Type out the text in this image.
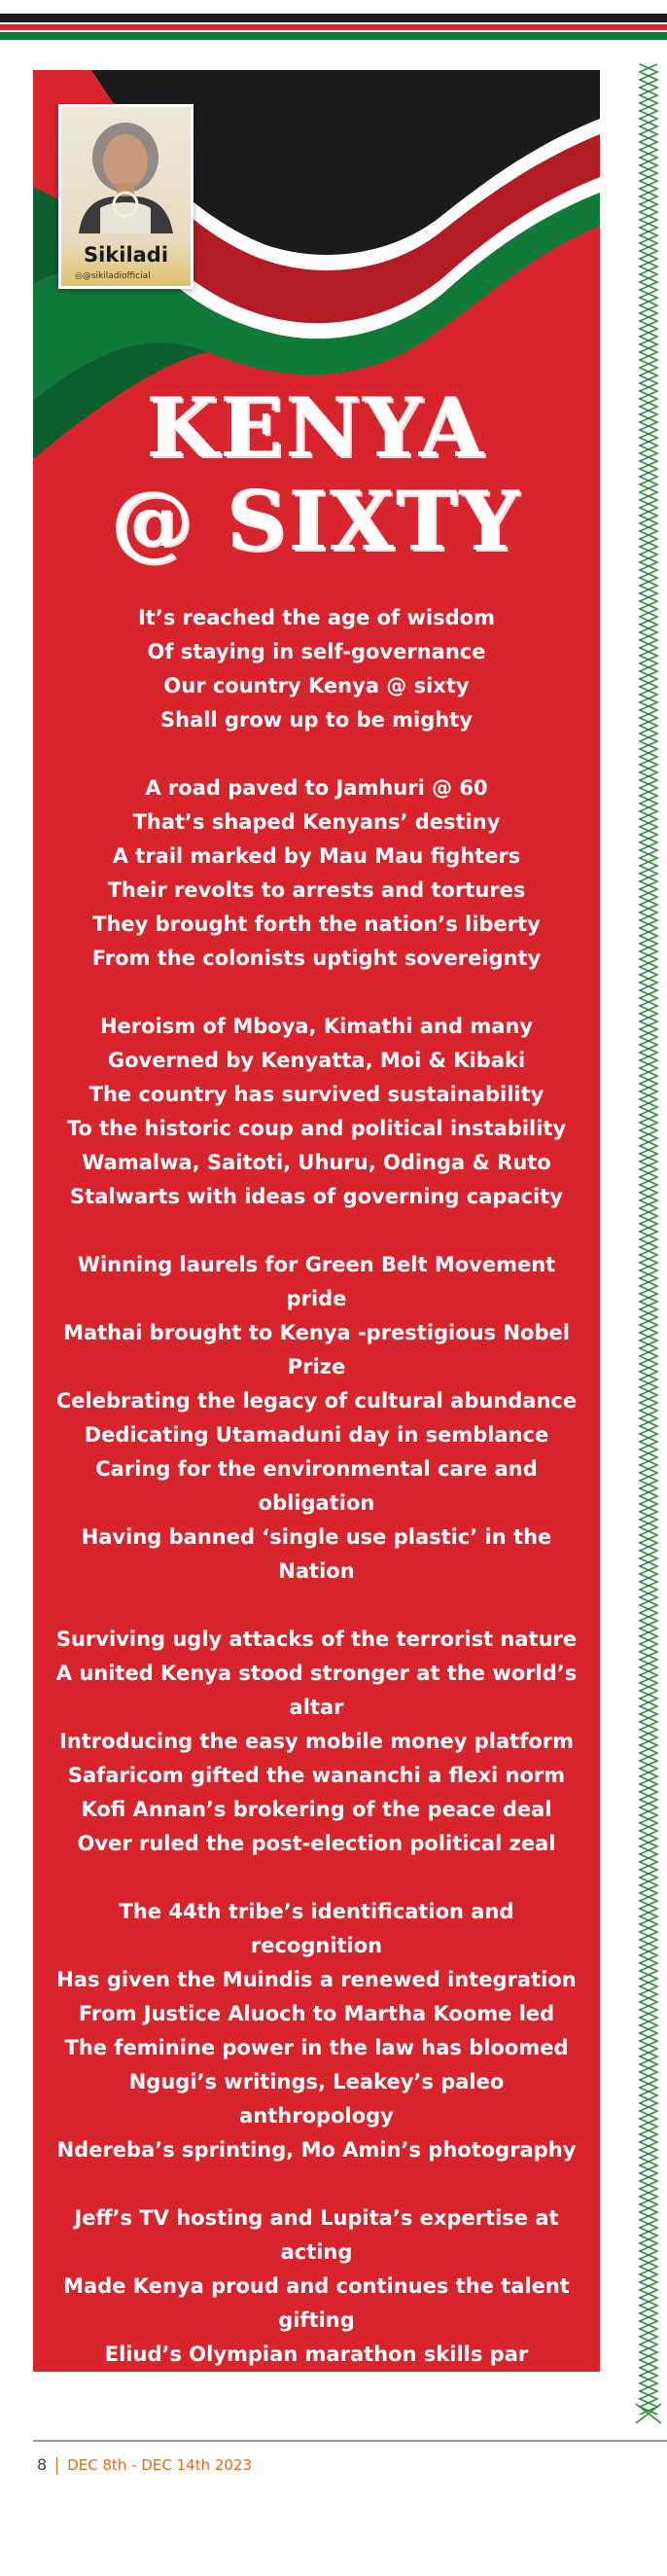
Sikiladi
◎@sikiladiofficial
KENYA
@ SIXTY
It’s reached the age of wisdom
Of staying in self-governance
Our country Kenya @ sixty
Shall grow up to be mighty
A road paved to Jamhuri @ 60
That’s shaped Kenyans’ destiny
A trail marked by Mau Mau fighters
Their revolts to arrests and tortures
They brought forth the nation’s liberty
From the colonists uptight sovereignty
Heroism of Mboya, Kimathi and many
Governed by Kenyatta, Moi & Kibaki
The country has survived sustainability
To the historic coup and political instability
Wamalwa, Saitoti, Uhuru, Odinga & Ruto
Stalwarts with ideas of governing capacity
Winning laurels for Green Belt Movement pride
Mathai brought to Kenya -prestigious Nobel Prize
Celebrating the legacy of cultural abundance
Dedicating Utamaduni day in semblance
Caring for the environmental care and obligation
Having banned ‘single use plastic’ in the Nation
Surviving ugly attacks of the terrorist nature
A united Kenya stood stronger at the world’s altar
Introducing the easy mobile money platform
Safaricom gifted the wananchi a flexi norm
Kofi Annan’s brokering of the peace deal
Over ruled the post-election political zeal
The 44th tribe’s identification and recognition
Has given the Muindis a renewed integration
From Justice Aluoch to Martha Koome led
The feminine power in the law has bloomed
Ngugi’s writings, Leakey’s paleo anthropology
Ndereba’s sprinting, Mo Amin’s photography
Jeff’s TV hosting and Lupita’s expertise at acting
Made Kenya proud and continues the talent gifting
Eliud’s Olympian marathon skills par excellence
Rudisha, Kosgei, Tergat, Jelimo’s running brilliance
Kenya @ 60 is only just growing up
The future shall be brighter in all
8 DEC 8th - DEC 14th 2023
